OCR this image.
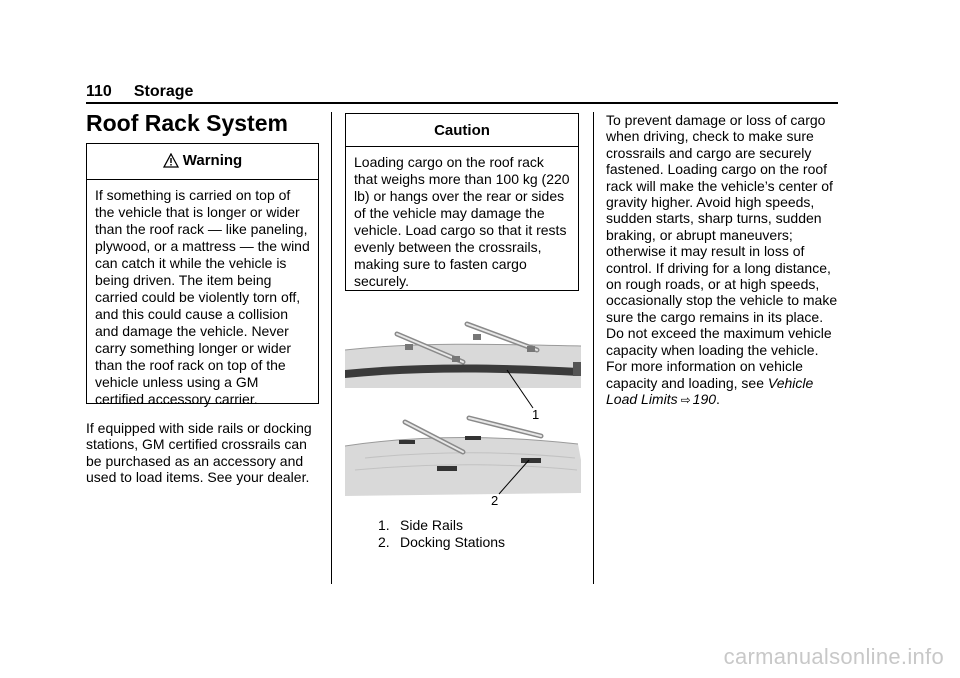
110 Storage
Roof Rack System
Warning

If something is carried on top of the vehicle that is longer or wider than the roof rack — like paneling, plywood, or a mattress — the wind can catch it while the vehicle is being driven. The item being carried could be violently torn off, and this could cause a collision and damage the vehicle. Never carry something longer or wider than the roof rack on top of the vehicle unless using a GM certified accessory carrier.

If equipped with side rails or docking stations, GM certified crossrails can be purchased as an accessory and used to load items. See your dealer.

Caution

Loading cargo on the roof rack that weighs more than 100 kg (220 lb) or hangs over the rear or sides of the vehicle may damage the vehicle. Load cargo so that it rests evenly between the crossrails, making sure to fasten cargo securely.

1
2
1. Side Rails
2. Docking Stations

To prevent damage or loss of cargo when driving, check to make sure crossrails and cargo are securely fastened. Loading cargo on the roof rack will make the vehicle’s center of gravity higher. Avoid high speeds, sudden starts, sharp turns, sudden braking, or abrupt maneuvers; otherwise it may result in loss of control. If driving for a long distance, on rough roads, or at high speeds, occasionally stop the vehicle to make sure the cargo remains in its place. Do not exceed the maximum vehicle capacity when loading the vehicle. For more information on vehicle capacity and loading, see Vehicle Load Limits ⇨ 190.

carmanualsonline.info
